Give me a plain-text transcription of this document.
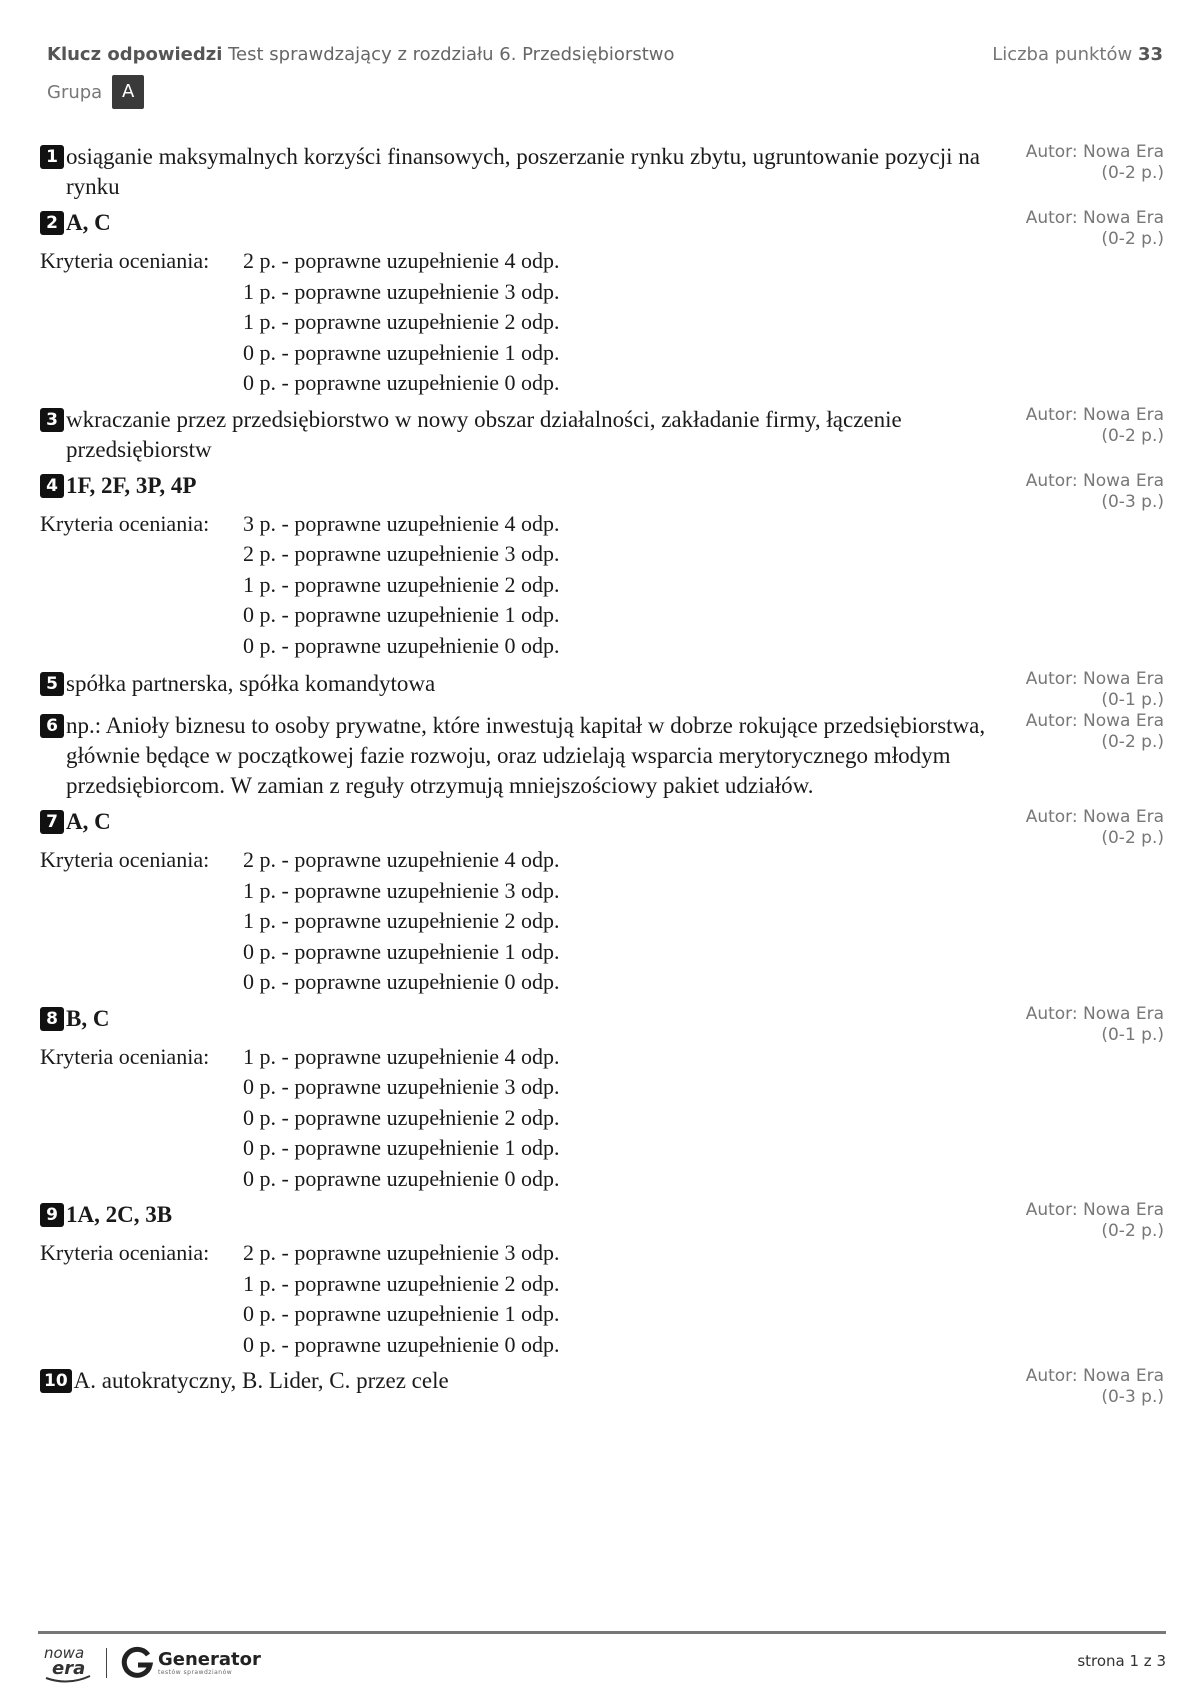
Klucz odpowiedzi Test sprawdzający z rozdziału 6. Przedsiębiorstwo	Liczba punktów 33
Grupa	A
1 osiąganie maksymalnych korzyści finansowych, poszerzanie rynku zbytu, ugruntowanie pozycji na rynku
Autor: Nowa Era
(0-2 p.)
2 A, C	Autor: Nowa Era
(0-2 p.)
Kryteria oceniania:	2 p. - poprawne uzupełnienie 4 odp.
1 p. - poprawne uzupełnienie 3 odp.
1 p. - poprawne uzupełnienie 2 odp.
0 p. - poprawne uzupełnienie 1 odp.
0 p. - poprawne uzupełnienie 0 odp.
3 wkraczanie przez przedsiębiorstwo w nowy obszar działalności, zakładanie firmy, łączenie przedsiębiorstw
Autor: Nowa Era
(0-2 p.)
4 1F, 2F, 3P, 4P	Autor: Nowa Era
(0-3 p.)
Kryteria oceniania:	3 p. - poprawne uzupełnienie 4 odp.
2 p. - poprawne uzupełnienie 3 odp.
1 p. - poprawne uzupełnienie 2 odp.
0 p. - poprawne uzupełnienie 1 odp.
0 p. - poprawne uzupełnienie 0 odp.
5 spółka partnerska, spółka komandytowa	Autor: Nowa Era
(0-1 p.)
6 np.: Anioły biznesu to osoby prywatne, które inwestują kapitał w dobrze rokujące przedsiębiorstwa, głównie będące w początkowej fazie rozwoju, oraz udzielają wsparcia merytorycznego młodym przedsiębiorcom. W zamian z reguły otrzymują mniejszościowy pakiet udziałów.
Autor: Nowa Era
(0-2 p.)
7 A, C	Autor: Nowa Era
(0-2 p.)
Kryteria oceniania:	2 p. - poprawne uzupełnienie 4 odp.
1 p. - poprawne uzupełnienie 3 odp.
1 p. - poprawne uzupełnienie 2 odp.
0 p. - poprawne uzupełnienie 1 odp.
0 p. - poprawne uzupełnienie 0 odp.
8 B, C	Autor: Nowa Era
(0-1 p.)
Kryteria oceniania:	1 p. - poprawne uzupełnienie 4 odp.
0 p. - poprawne uzupełnienie 3 odp.
0 p. - poprawne uzupełnienie 2 odp.
0 p. - poprawne uzupełnienie 1 odp.
0 p. - poprawne uzupełnienie 0 odp.
9 1A, 2C, 3B	Autor: Nowa Era
(0-2 p.)
Kryteria oceniania:	2 p. - poprawne uzupełnienie 3 odp.
1 p. - poprawne uzupełnienie 2 odp.
0 p. - poprawne uzupełnienie 1 odp.
0 p. - poprawne uzupełnienie 0 odp.
10 A. autokratyczny, B. Lider, C. przez cele	Autor: Nowa Era
(0-3 p.)
nowa
era	Generator
testów sprawdzianów
strona 1 z 3
